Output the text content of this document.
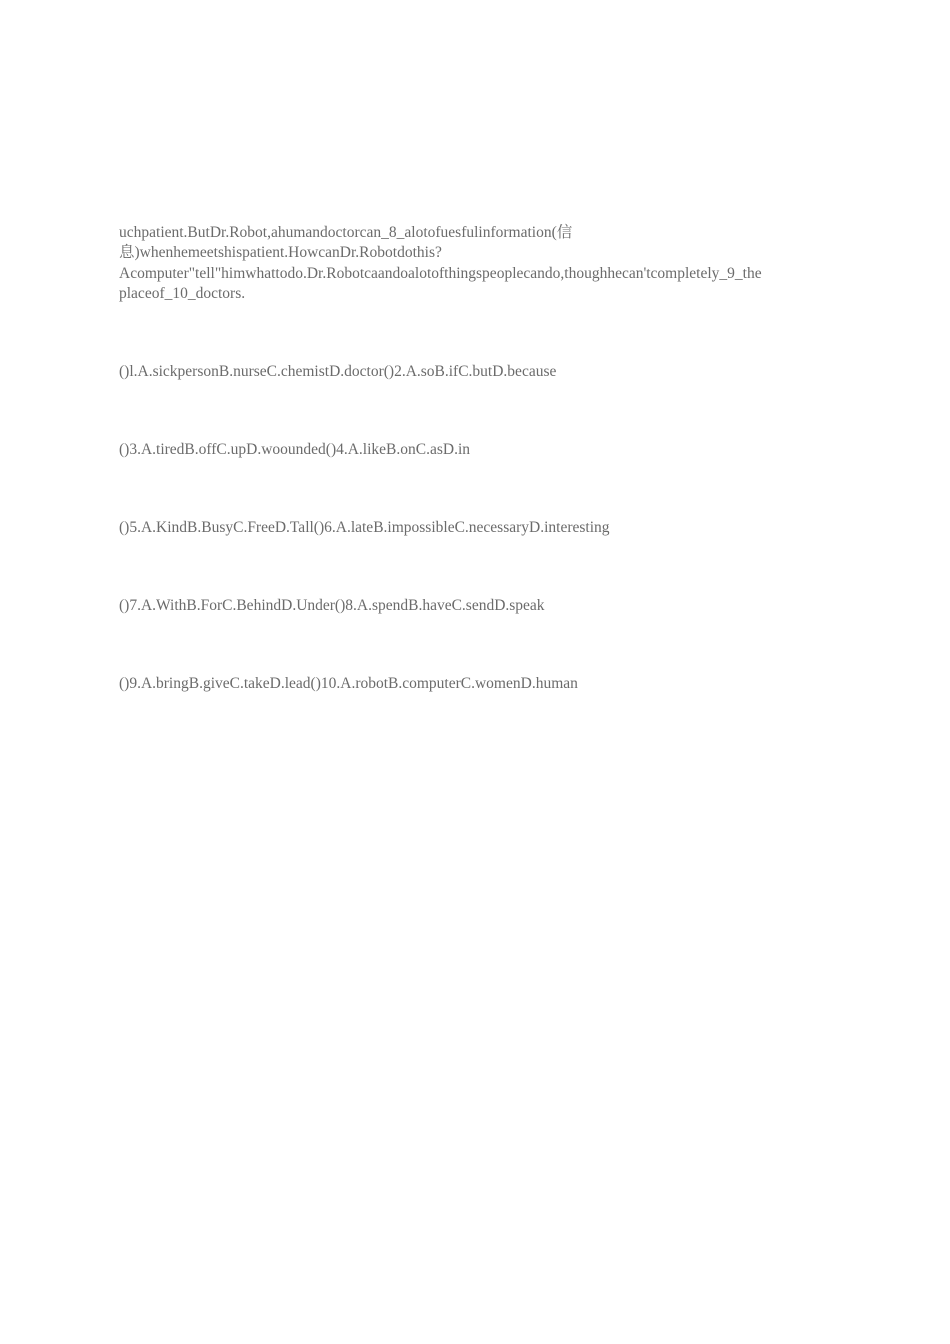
uchpatient.ButDr.Robot,ahumandoctorcan_8_alotofuesfulinformation(信

息)whenhemeetshispatient.HowcanDr.Robotdothis?

Acomputer"tell"himwhattodo.Dr.Robotcaandoalotofthingspeoplecando,thoughhecan'tcompletely_9_the

placeof_10_doctors.

()l.A.sickpersonB.nurseC.chemistD.doctor()2.A.soB.ifC.butD.because

()3.A.tiredB.offC.upD.woounded()4.A.likeB.onC.asD.in

()5.A.KindB.BusyC.FreeD.Tall()6.A.lateB.impossibleC.necessaryD.interesting

()7.A.WithB.ForC.BehindD.Under()8.A.spendB.haveC.sendD.speak

()9.A.bringB.giveC.takeD.lead()10.A.robotB.computerC.womenD.human
